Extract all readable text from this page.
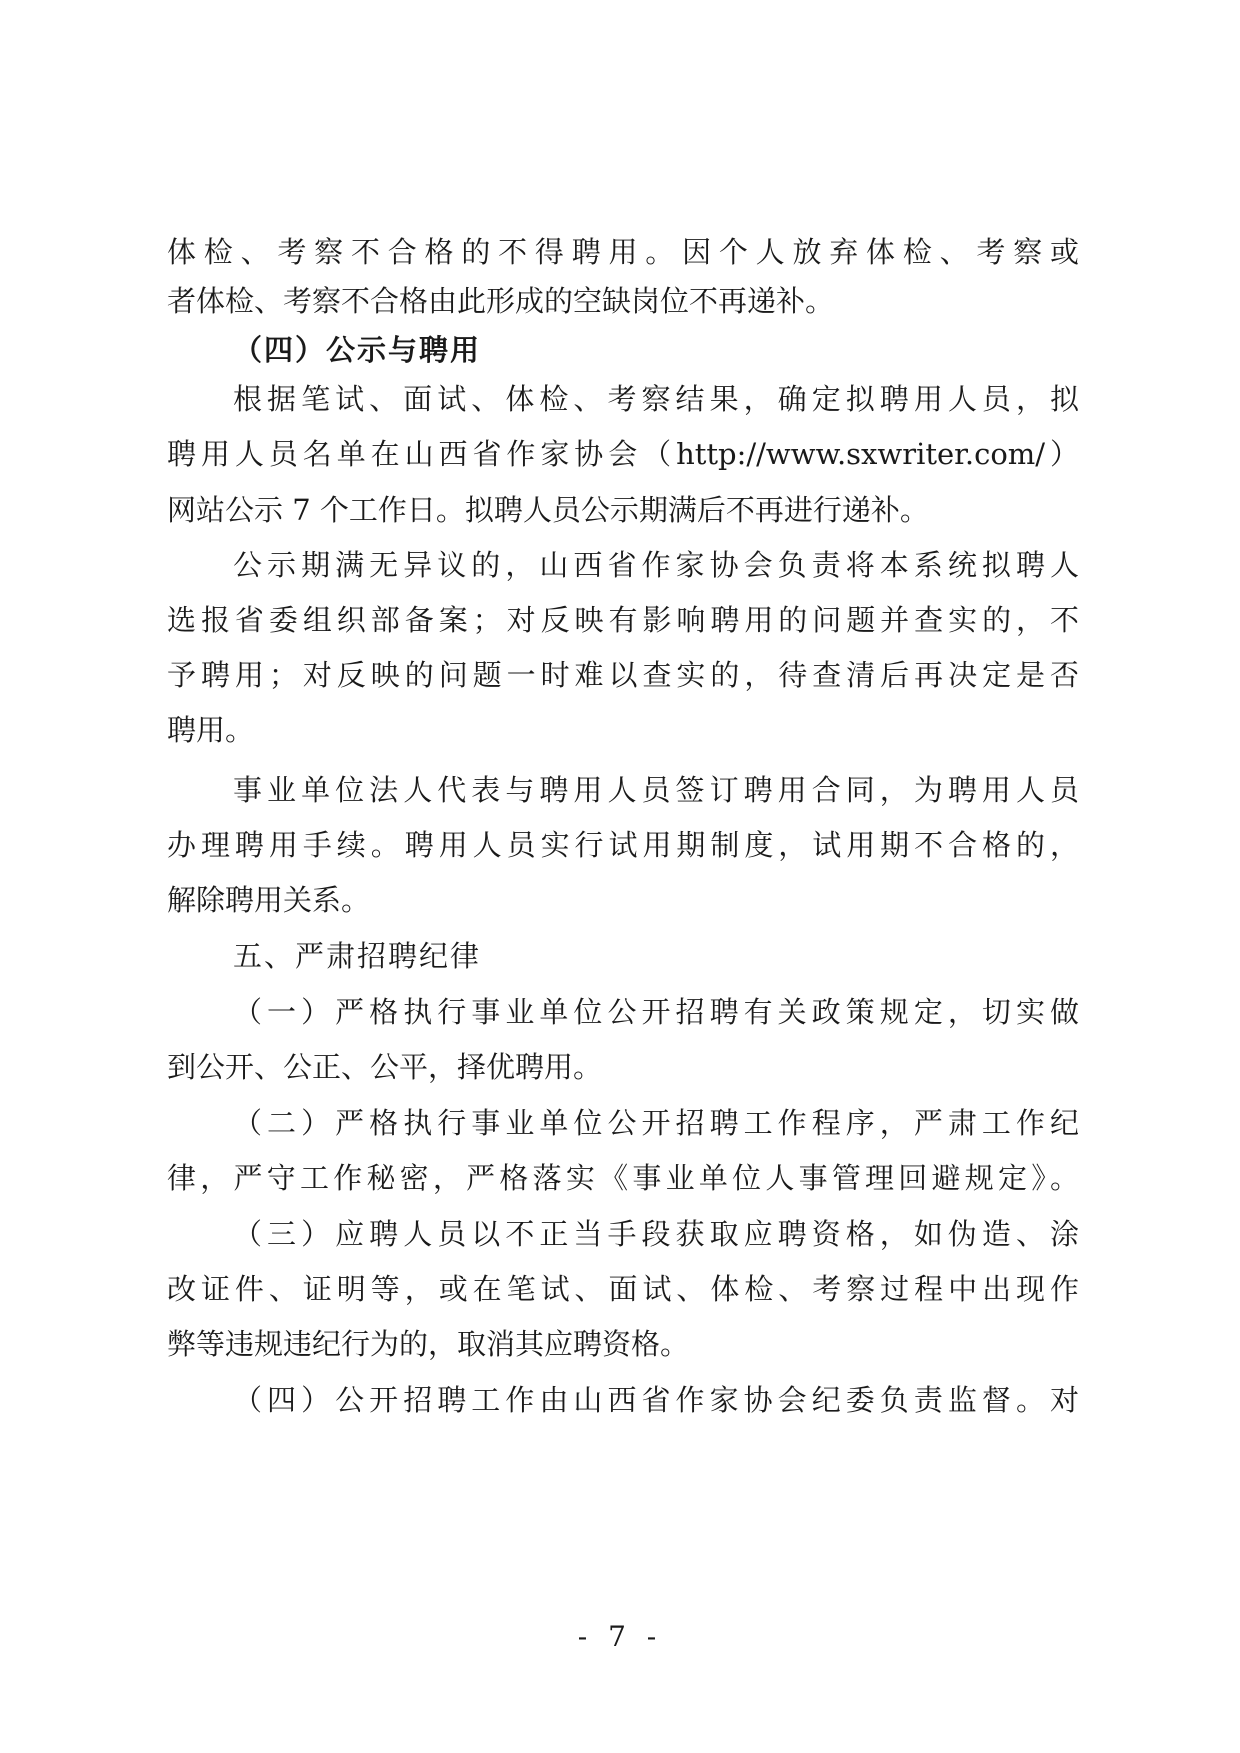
体检、考察不合格的不得聘用。因个人放弃体检、考察或
者体检、考察不合格由此形成的空缺岗位不再递补。
（四）公示与聘用
根据笔试、面试、体检、考察结果，确定拟聘用人员，拟
聘用人员名单在山西省作家协会（http://www.sxwriter.com/）
网站公示 7 个工作日。拟聘人员公示期满后不再进行递补。
公示期满无异议的，山西省作家协会负责将本系统拟聘人
选报省委组织部备案；对反映有影响聘用的问题并查实的，不
予聘用；对反映的问题一时难以查实的，待查清后再决定是否
聘用。
事业单位法人代表与聘用人员签订聘用合同，为聘用人员
办理聘用手续。聘用人员实行试用期制度，试用期不合格的，
解除聘用关系。
五、严肃招聘纪律
（一）严格执行事业单位公开招聘有关政策规定，切实做
到公开、公正、公平，择优聘用。
（二）严格执行事业单位公开招聘工作程序，严肃工作纪
律，严守工作秘密，严格落实《事业单位人事管理回避规定》。
（三）应聘人员以不正当手段获取应聘资格，如伪造、涂
改证件、证明等，或在笔试、面试、体检、考察过程中出现作
弊等违规违纪行为的，取消其应聘资格。
（四）公开招聘工作由山西省作家协会纪委负责监督。对
- 7 -
